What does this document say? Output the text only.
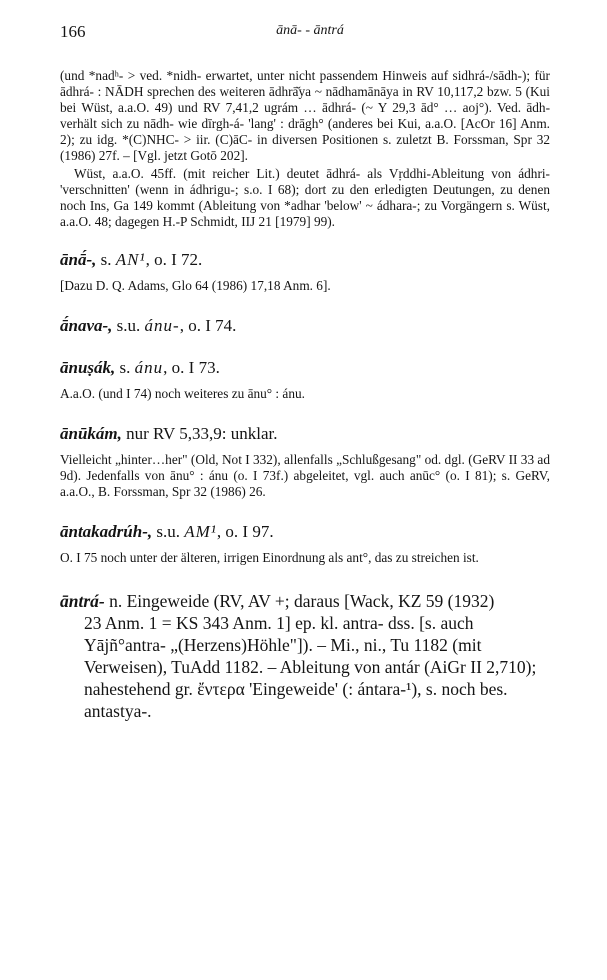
166	ānā- - āntrá

(und *nadʰ- > ved. *nidh- erwartet, unter nicht passendem Hinweis auf sidhrá-/sādh-); für ādhrá- : NĀDH sprechen des weiteren ādhrā̆ya ~ nādhamānāya in RV 10,117,2 bzw. 5 (Kui bei Wüst, a.a.O. 49) und RV 7,41,2 ugrám … ādhrá- (~ Y 29,3 ād° … aoj°). Ved. ādh-verhält sich zu nādh- wie dīrgh-á- 'lang' : drāgh° (anderes bei Kui, a.a.O. [AcOr 16] Anm. 2); zu idg. *(C)NHC- > iir. (C)āC- in diversen Positionen s. zuletzt B. Forssman, Spr 32 (1986) 27f. – [Vgl. jetzt Gotō 202].

Wüst, a.a.O. 45ff. (mit reicher Lit.) deutet ādhrá- als Vṛddhi-Ableitung von ádhri- 'verschnitten' (wenn in ádhrigu-; s.o. I 68); dort zu den erledigten Deutungen, zu denen noch Ins, Ga 149 kommt (Ableitung von *adhar 'below' ~ ádhara-; zu Vorgängern s. Wüst, a.a.O. 48; dagegen H.-P Schmidt, IIJ 21 [1979] 99).

ānā́-, s. AN¹, o. I 72.

[Dazu D. Q. Adams, Glo 64 (1986) 17,18 Anm. 6].

ā́nava-, s.u. ánu-, o. I 74.

ānuṣák, s. ánu, o. I 73.

A.a.O. (und I 74) noch weiteres zu ānu° : ánu.

ānūkám, nur RV 5,33,9: unklar.

Vielleicht „hinter…her" (Old, Not I 332), allenfalls „Schlußgesang" od. dgl. (GeRV II 33 ad 9d). Jedenfalls von ānu° : ánu (o. I 73f.) abgeleitet, vgl. auch anūc° (o. I 81); s. GeRV, a.a.O., B. Forssman, Spr 32 (1986) 26.

āntakadrúh-, s.u. AM¹, o. I 97.

O. I 75 noch unter der älteren, irrigen Einordnung als ant°, das zu streichen ist.

āntrá- n. Eingeweide (RV, AV +; daraus [Wack, KZ 59 (1932)
23 Anm. 1 = KS 343 Anm. 1] ep. kl. antra- dss. [s. auch Yājñ°antra- „(Herzens)Höhle"]). – Mi., ni., Tu 1182 (mit Verweisen), TuAdd 1182. – Ableitung von antár (AiGr II 2,710); nahestehend gr. ἔντερα 'Eingeweide' (: ántara-¹), s. noch bes. antastya-.
